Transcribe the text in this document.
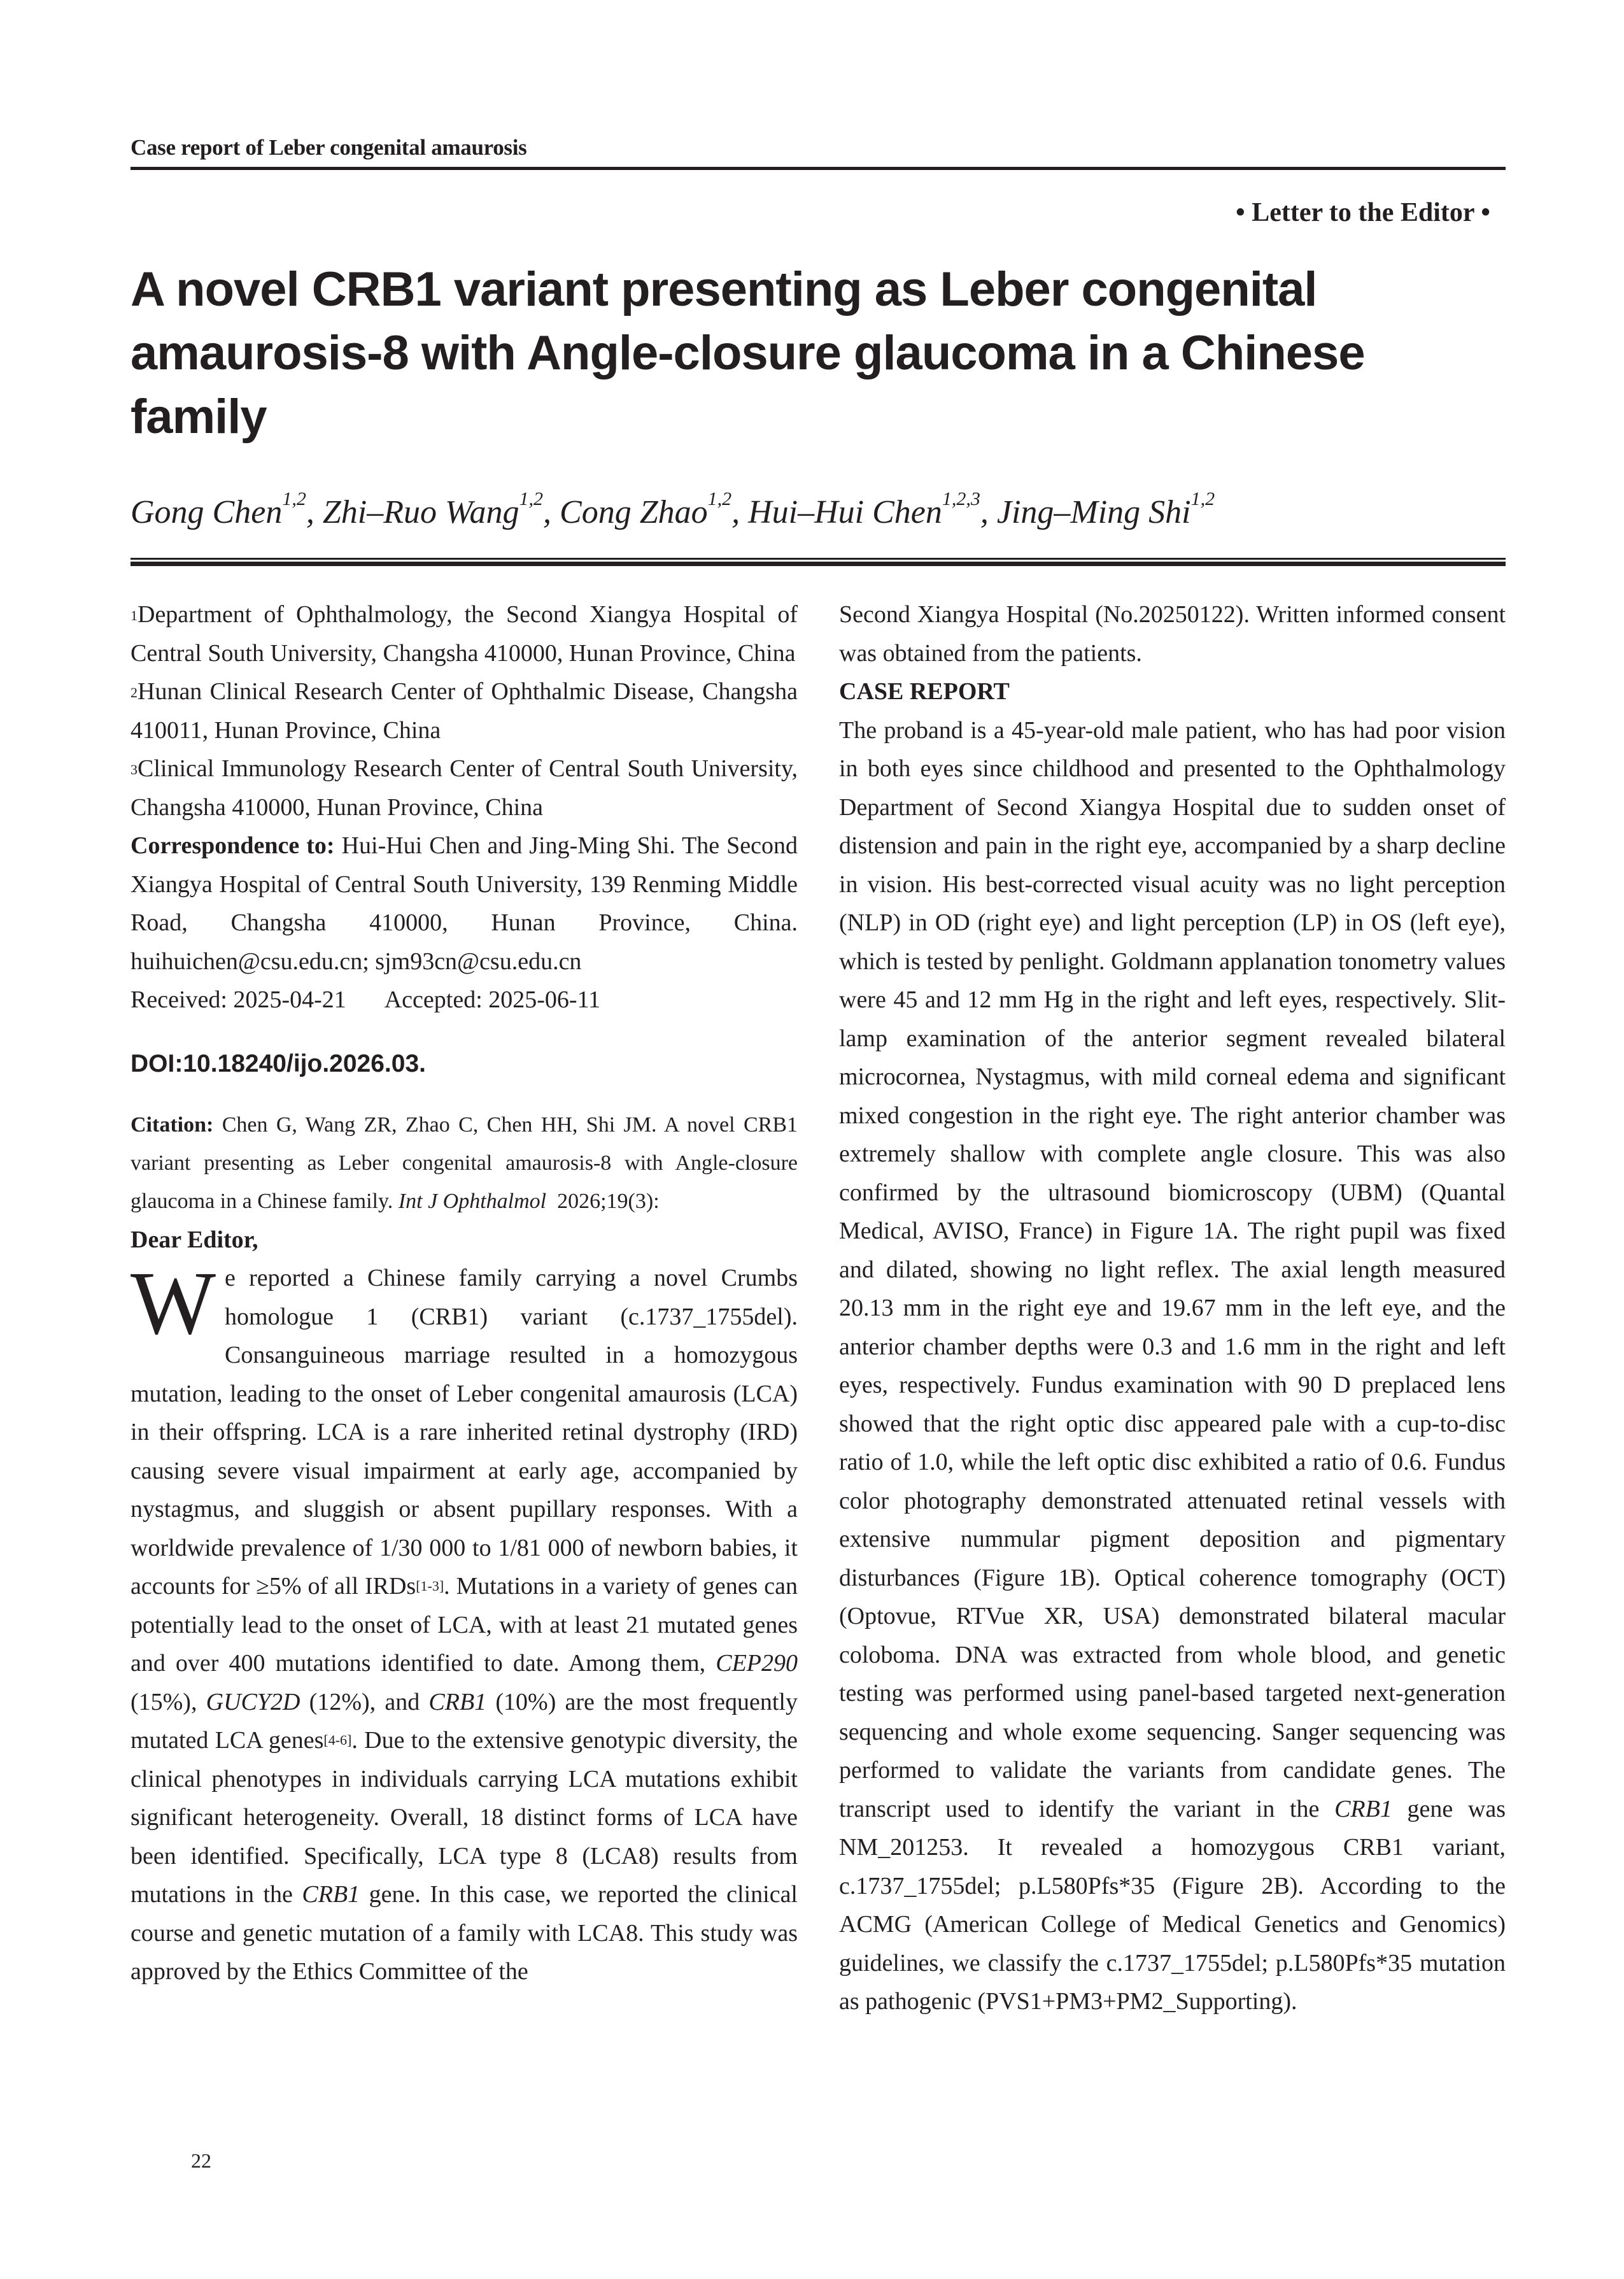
Case report of Leber congenital amaurosis
• Letter to the Editor •
A novel CRB1 variant presenting as Leber congenital amaurosis-8 with Angle-closure glaucoma in a Chinese family
Gong Chen$^{1,2}$, Zhi–Ruo Wang$^{1,2}$, Cong Zhao$^{1,2}$, Hui–Hui Chen$^{1,2,3}$, Jing–Ming Shi$^{1,2}$

$^1$Department of Ophthalmology, the Second Xiangya Hospital of Central South University, Changsha 410000, Hunan Province, China

$^2$Hunan Clinical Research Center of Ophthalmic Disease, Changsha 410011, Hunan Province, China

$^3$Clinical Immunology Research Center of Central South University, Changsha 410000, Hunan Province, China

Correspondence to: Hui-Hui Chen and Jing-Ming Shi. The Second Xiangya Hospital of Central South University, 139 Renming Middle Road, Changsha 410000, Hunan Province, China. huihuichen@csu.edu.cn; sjm93cn@csu.edu.cn

Received: 2025-04-21 Accepted: 2025-06-11

DOI:10.18240/ijo.2026.03.

Citation: Chen G, Wang ZR, Zhao C, Chen HH, Shi JM. A novel CRB1 variant presenting as Leber congenital amaurosis-8 with Angle-closure glaucoma in a Chinese family. Int J Ophthalmol  2026;19(3):

Dear Editor,

We reported a Chinese family carrying a novel Crumbs homologue 1 (CRB1) variant (c.1737_1755del). Consanguineous marriage resulted in a homozygous mutation, leading to the onset of Leber congenital amaurosis (LCA) in their offspring. LCA is a rare inherited retinal dystrophy (IRD) causing severe visual impairment at early age, accompanied by nystagmus, and sluggish or absent pupillary responses. With a worldwide prevalence of 1/30 000 to 1/81 000 of newborn babies, it accounts for ≥5% of all IRDs[1-3]. Mutations in a variety of genes can potentially lead to the onset of LCA, with at least 21 mutated genes and over 400 mutations identified to date. Among them, CEP290 (15%), GUCY2D (12%), and CRB1 (10%) are the most frequently mutated LCA genes[4-6]. Due to the extensive genotypic diversity, the clinical phenotypes in individuals carrying LCA mutations exhibit significant heterogeneity. Overall, 18 distinct forms of LCA have been identified. Specifically, LCA type 8 (LCA8) results from mutations in the CRB1 gene. In this case, we reported the clinical course and genetic mutation of a family with LCA8. This study was approved by the Ethics Committee of the

Second Xiangya Hospital (No.20250122). Written informed consent was obtained from the patients.

CASE REPORT

The proband is a 45-year-old male patient, who has had poor vision in both eyes since childhood and presented to the Ophthalmology Department of Second Xiangya Hospital due to sudden onset of distension and pain in the right eye, accompanied by a sharp decline in vision. His best-corrected visual acuity was no light perception (NLP) in OD (right eye) and light perception (LP) in OS (left eye), which is tested by penlight. Goldmann applanation tonometry values were 45 and 12 mm Hg in the right and left eyes, respectively. Slit-lamp examination of the anterior segment revealed bilateral microcornea, Nystagmus, with mild corneal edema and significant mixed congestion in the right eye. The right anterior chamber was extremely shallow with complete angle closure. This was also confirmed by the ultrasound biomicroscopy (UBM) (Quantal Medical, AVISO, France) in Figure 1A. The right pupil was fixed and dilated, showing no light reflex. The axial length measured 20.13 mm in the right eye and 19.67 mm in the left eye, and the anterior chamber depths were 0.3 and 1.6 mm in the right and left eyes, respectively. Fundus examination with 90 D preplaced lens showed that the right optic disc appeared pale with a cup-to-disc ratio of 1.0, while the left optic disc exhibited a ratio of 0.6. Fundus color photography demonstrated attenuated retinal vessels with extensive nummular pigment deposition and pigmentary disturbances (Figure 1B). Optical coherence tomography (OCT) (Optovue, RTVue XR, USA) demonstrated bilateral macular coloboma. DNA was extracted from whole blood, and genetic testing was performed using panel-based targeted next-generation sequencing and whole exome sequencing. Sanger sequencing was performed to validate the variants from candidate genes. The transcript used to identify the variant in the CRB1 gene was NM_201253. It revealed a homozygous CRB1 variant, c.1737_1755del; p.L580Pfs*35 (Figure 2B). According to the ACMG (American College of Medical Genetics and Genomics) guidelines, we classify the c.1737_1755del; p.L580Pfs*35 mutation as pathogenic (PVS1+PM3+PM2_Supporting).

22
